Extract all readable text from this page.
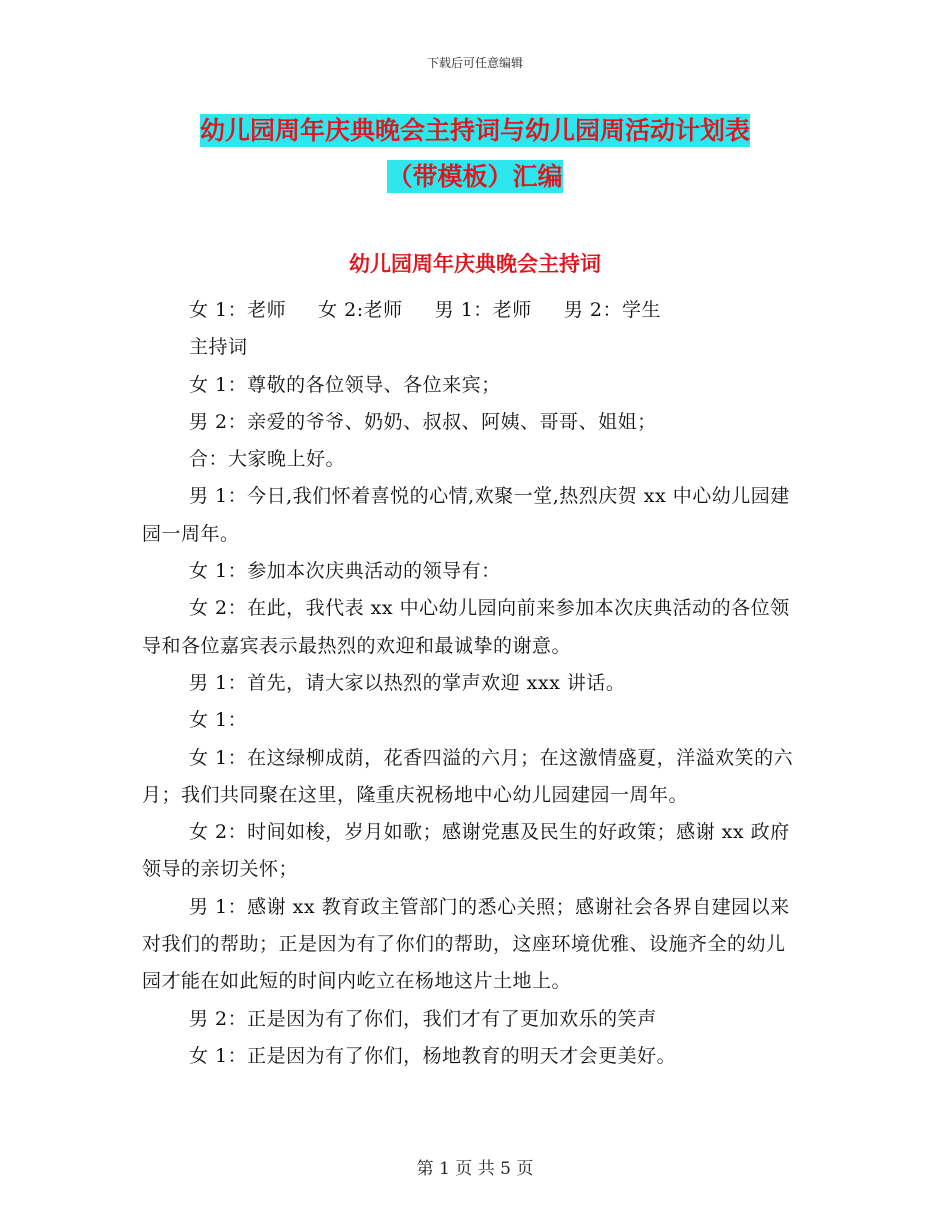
下载后可任意编辑
幼儿园周年庆典晚会主持词与幼儿园周活动计划表
（带模板）汇编
幼儿园周年庆典晚会主持词

女 1：老师 女 2:老师 男 1：老师 男 2：学生

主持词

女 1：尊敬的各位领导、各位来宾；

男 2：亲爱的爷爷、奶奶、叔叔、阿姨、哥哥、姐姐；

合：大家晚上好。

男 1：今日,我们怀着喜悦的心情,欢聚一堂,热烈庆贺 xx 中心幼儿园建园一周年。

女 1：参加本次庆典活动的领导有：

女 2：在此，我代表 xx 中心幼儿园向前来参加本次庆典活动的各位领导和各位嘉宾表示最热烈的欢迎和最诚挚的谢意。

男 1：首先，请大家以热烈的掌声欢迎 xxx 讲话。

女 1：

女 1：在这绿柳成荫，花香四溢的六月；在这激情盛夏，洋溢欢笑的六月；我们共同聚在这里，隆重庆祝杨地中心幼儿园建园一周年。

女 2：时间如梭，岁月如歌；感谢党惠及民生的好政策；感谢 xx 政府领导的亲切关怀；

男 1：感谢 xx 教育政主管部门的悉心关照；感谢社会各界自建园以来对我们的帮助；正是因为有了你们的帮助，这座环境优雅、设施齐全的幼儿园才能在如此短的时间内屹立在杨地这片土地上。

男 2：正是因为有了你们，我们才有了更加欢乐的笑声

女 1：正是因为有了你们，杨地教育的明天才会更美好。

第 1 页 共 5 页
